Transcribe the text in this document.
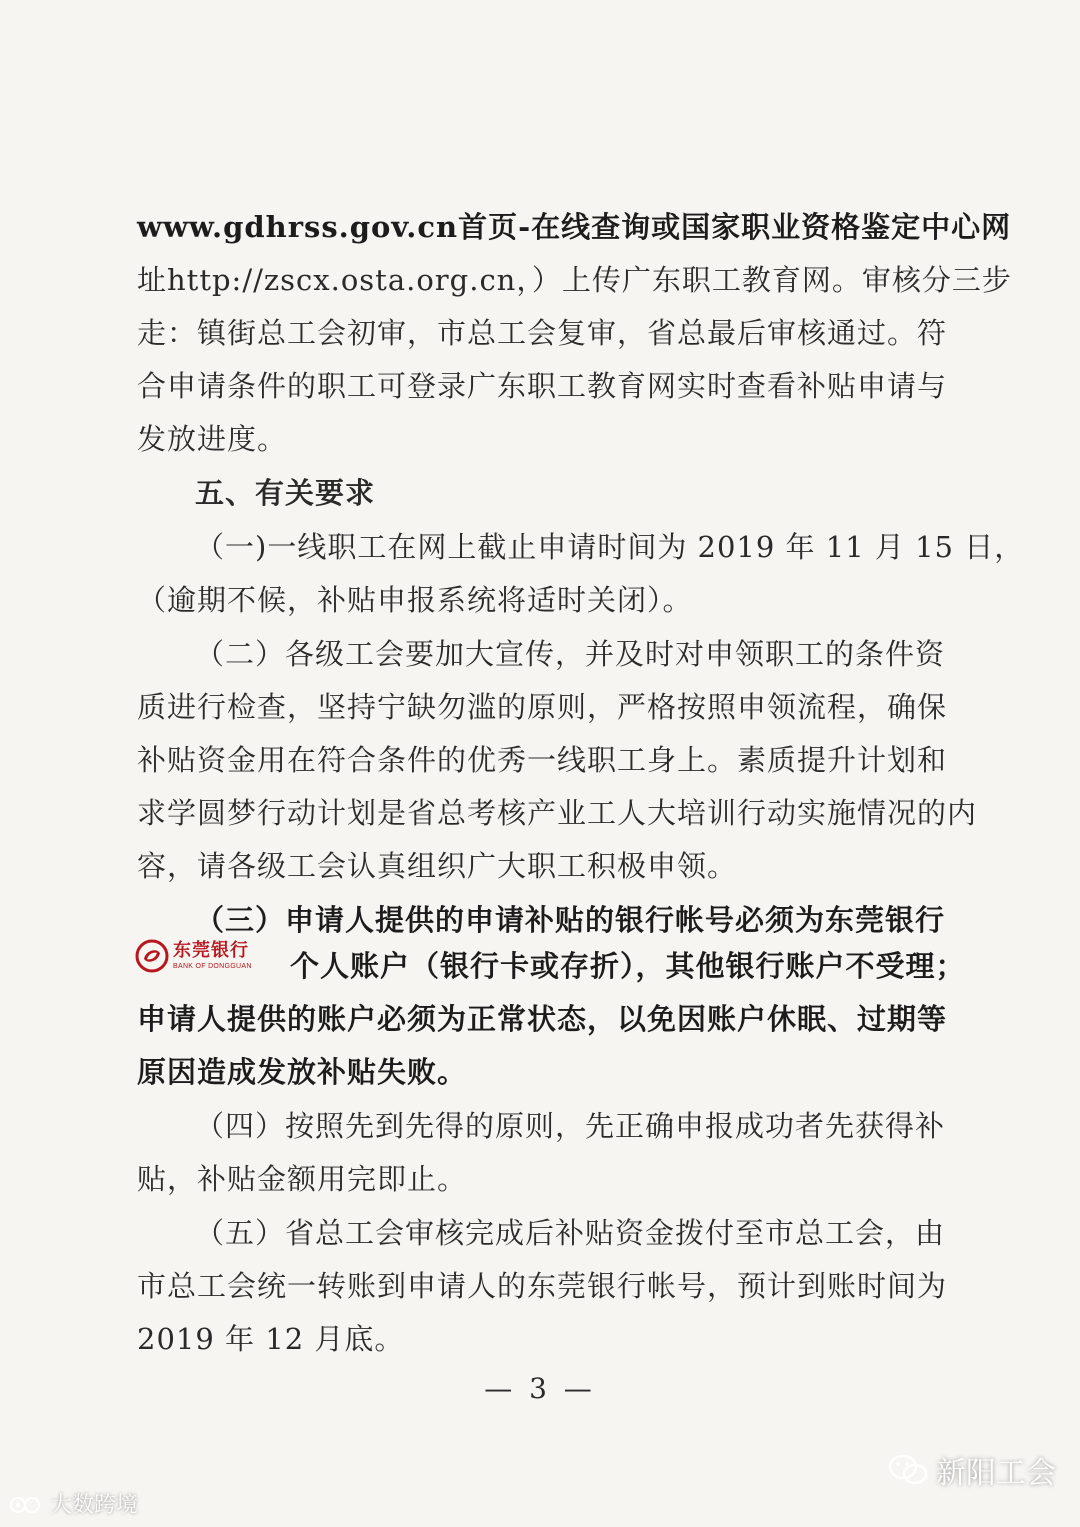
www.gdhrss.gov.cn首页-在线查询或国家职业资格鉴定中心网
址http://zscx.osta.org.cn，）上传广东职工教育网。审核分三步
走：镇街总工会初审，市总工会复审，省总最后审核通过。符
合申请条件的职工可登录广东职工教育网实时查看补贴申请与
发放进度。
五、有关要求
（一)一线职工在网上截止申请时间为 2019 年 11 月 15 日，
（逾期不候，补贴申报系统将适时关闭）。
（二）各级工会要加大宣传，并及时对申领职工的条件资
质进行检查，坚持宁缺勿滥的原则，严格按照申领流程，确保
补贴资金用在符合条件的优秀一线职工身上。素质提升计划和
求学圆梦行动计划是省总考核产业工人大培训行动实施情况的内
容，请各级工会认真组织广大职工积极申领。
（三）申请人提供的申请补贴的银行帐号必须为东莞银行
东莞银行
BANK OF DONGGUAN 个人账户（银行卡或存折），其他银行账户不受理；
申请人提供的账户必须为正常状态，以免因账户休眠、过期等
原因造成发放补贴失败。
（四）按照先到先得的原则，先正确申报成功者先获得补
贴，补贴金额用完即止。
（五）省总工会审核完成后补贴资金拨付至市总工会，由
市总工会统一转账到申请人的东莞银行帐号，预计到账时间为
2019 年 12 月底。
— 3 —
大数跨境
新阳工会
